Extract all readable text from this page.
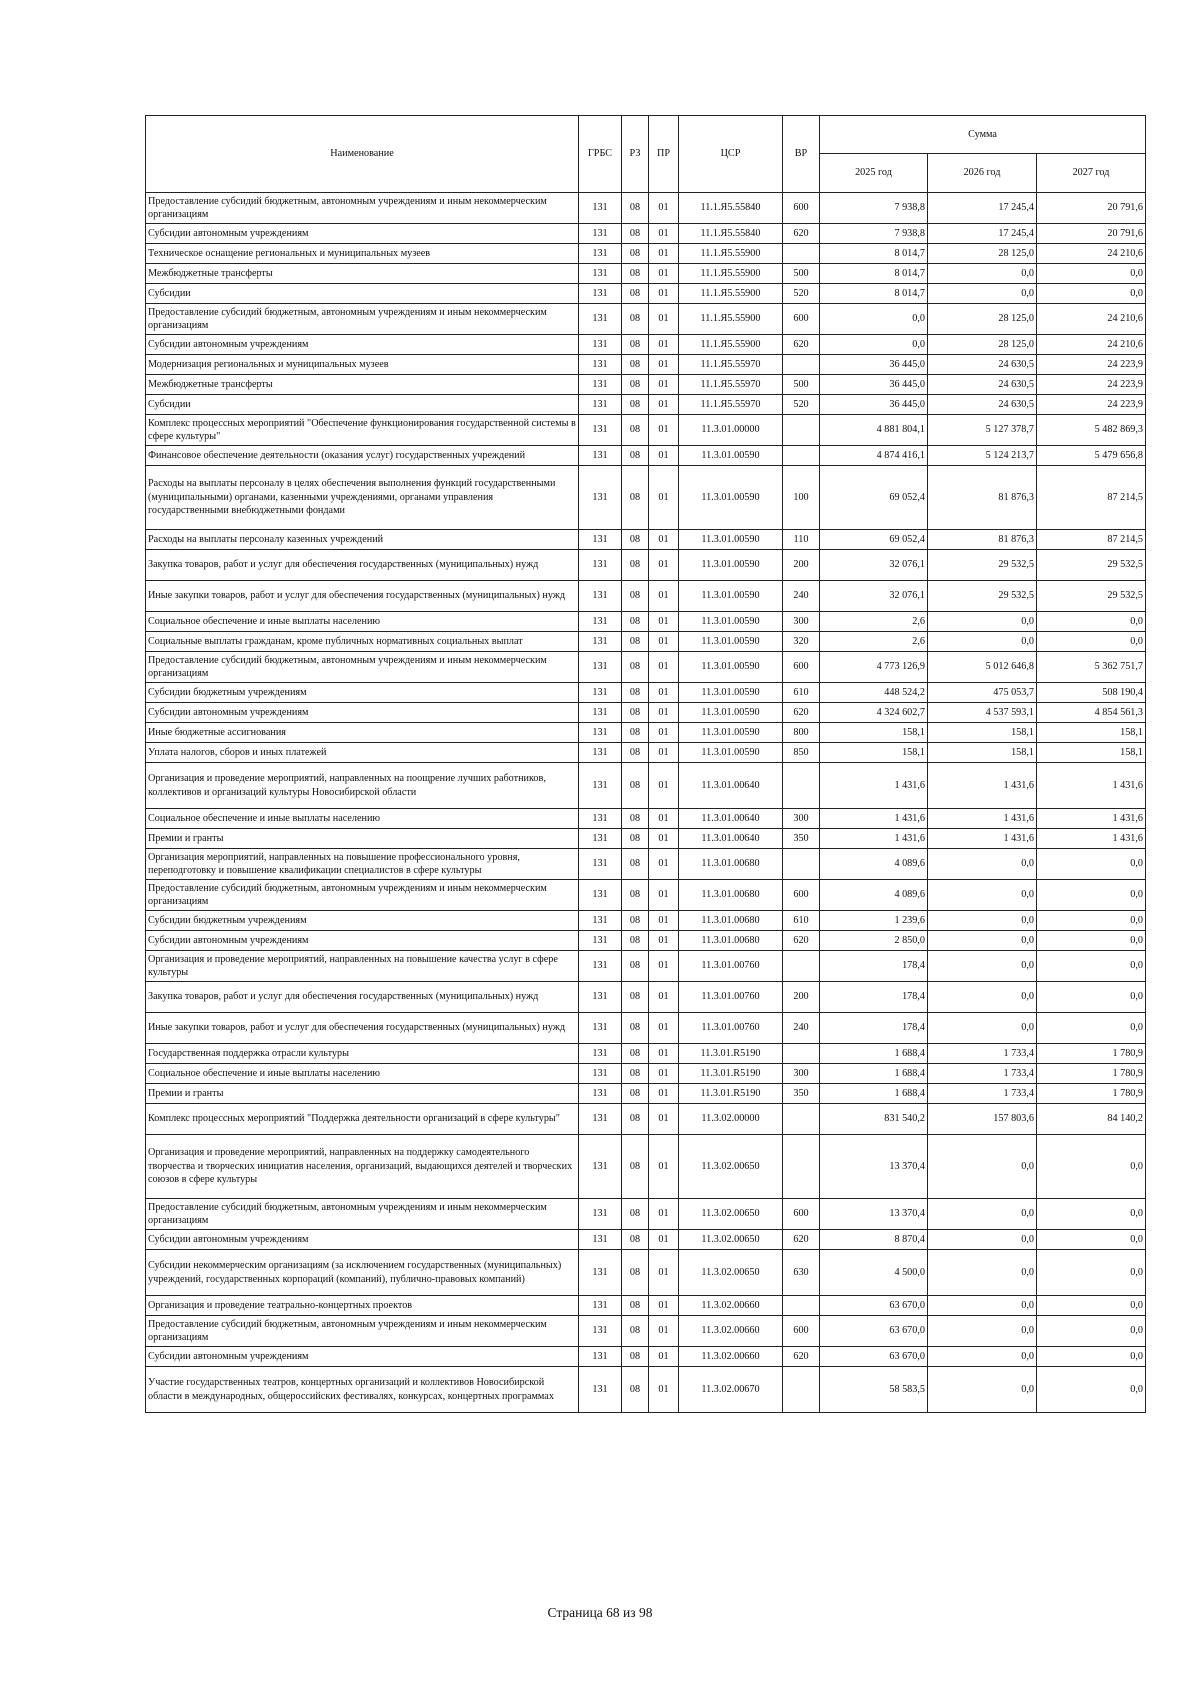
Наименование	ГРБС	РЗ	ПР	ЦСР	ВР	Сумма		
						2025 год	2026 год	2027 год
Предоставление субсидий бюджетным, автономным учреждениям и иным некоммерческим организациям	131	08	01	11.1.Я5.55840	600	7 938,8	17 245,4	20 791,6
Субсидии автономным учреждениям	131	08	01	11.1.Я5.55840	620	7 938,8	17 245,4	20 791,6
Техническое оснащение региональных и муниципальных музеев	131	08	01	11.1.Я5.55900		8 014,7	28 125,0	24 210,6
Межбюджетные трансферты	131	08	01	11.1.Я5.55900	500	8 014,7	0,0	0,0
Субсидии	131	08	01	11.1.Я5.55900	520	8 014,7	0,0	0,0
Предоставление субсидий бюджетным, автономным учреждениям и иным некоммерческим организациям	131	08	01	11.1.Я5.55900	600	0,0	28 125,0	24 210,6
Субсидии автономным учреждениям	131	08	01	11.1.Я5.55900	620	0,0	28 125,0	24 210,6
Модернизация региональных и муниципальных музеев	131	08	01	11.1.Я5.55970		36 445,0	24 630,5	24 223,9
Межбюджетные трансферты	131	08	01	11.1.Я5.55970	500	36 445,0	24 630,5	24 223,9
Субсидии	131	08	01	11.1.Я5.55970	520	36 445,0	24 630,5	24 223,9
Комплекс процессных мероприятий "Обеспечение функционирования государственной системы в сфере культуры"	131	08	01	11.3.01.00000		4 881 804,1	5 127 378,7	5 482 869,3
Финансовое обеспечение деятельности (оказания услуг) государственных учреждений	131	08	01	11.3.01.00590		4 874 416,1	5 124 213,7	5 479 656,8
Расходы на выплаты персоналу в целях обеспечения выполнения функций государственными (муниципальными) органами, казенными учреждениями, органами управления государственными внебюджетными фондами	131	08	01	11.3.01.00590	100	69 052,4	81 876,3	87 214,5
Расходы на выплаты персоналу казенных учреждений	131	08	01	11.3.01.00590	110	69 052,4	81 876,3	87 214,5
Закупка товаров, работ и услуг для обеспечения государственных (муниципальных) нужд	131	08	01	11.3.01.00590	200	32 076,1	29 532,5	29 532,5
Иные закупки товаров, работ и услуг для обеспечения государственных (муниципальных) нужд	131	08	01	11.3.01.00590	240	32 076,1	29 532,5	29 532,5
Социальное обеспечение и иные выплаты населению	131	08	01	11.3.01.00590	300	2,6	0,0	0,0
Социальные выплаты гражданам, кроме публичных нормативных социальных выплат	131	08	01	11.3.01.00590	320	2,6	0,0	0,0
Предоставление субсидий бюджетным, автономным учреждениям и иным некоммерческим организациям	131	08	01	11.3.01.00590	600	4 773 126,9	5 012 646,8	5 362 751,7
Субсидии бюджетным учреждениям	131	08	01	11.3.01.00590	610	448 524,2	475 053,7	508 190,4
Субсидии автономным учреждениям	131	08	01	11.3.01.00590	620	4 324 602,7	4 537 593,1	4 854 561,3
Иные бюджетные ассигнования	131	08	01	11.3.01.00590	800	158,1	158,1	158,1
Уплата налогов, сборов и иных платежей	131	08	01	11.3.01.00590	850	158,1	158,1	158,1
Организация и проведение мероприятий, направленных на поощрение лучших работников, коллективов и организаций культуры Новосибирской области	131	08	01	11.3.01.00640		1 431,6	1 431,6	1 431,6
Социальное обеспечение и иные выплаты населению	131	08	01	11.3.01.00640	300	1 431,6	1 431,6	1 431,6
Премии и гранты	131	08	01	11.3.01.00640	350	1 431,6	1 431,6	1 431,6
Организация мероприятий, направленных на повышение профессионального уровня, переподготовку и повышение квалификации специалистов в сфере культуры	131	08	01	11.3.01.00680		4 089,6	0,0	0,0
Предоставление субсидий бюджетным, автономным учреждениям и иным некоммерческим организациям	131	08	01	11.3.01.00680	600	4 089,6	0,0	0,0
Субсидии бюджетным учреждениям	131	08	01	11.3.01.00680	610	1 239,6	0,0	0,0
Субсидии автономным учреждениям	131	08	01	11.3.01.00680	620	2 850,0	0,0	0,0
Организация и проведение мероприятий, направленных на повышение качества услуг в сфере культуры	131	08	01	11.3.01.00760		178,4	0,0	0,0
Закупка товаров, работ и услуг для обеспечения государственных (муниципальных) нужд	131	08	01	11.3.01.00760	200	178,4	0,0	0,0
Иные закупки товаров, работ и услуг для обеспечения государственных (муниципальных) нужд	131	08	01	11.3.01.00760	240	178,4	0,0	0,0
Государственная поддержка отрасли культуры	131	08	01	11.3.01.R5190		1 688,4	1 733,4	1 780,9
Социальное обеспечение и иные выплаты населению	131	08	01	11.3.01.R5190	300	1 688,4	1 733,4	1 780,9
Премии и гранты	131	08	01	11.3.01.R5190	350	1 688,4	1 733,4	1 780,9
Комплекс процессных мероприятий "Поддержка деятельности организаций в сфере культуры"	131	08	01	11.3.02.00000		831 540,2	157 803,6	84 140,2
Организация и проведение мероприятий, направленных на поддержку самодеятельного творчества и творческих инициатив населения, организаций, выдающихся деятелей и творческих союзов в сфере культуры	131	08	01	11.3.02.00650		13 370,4	0,0	0,0
Предоставление субсидий бюджетным, автономным учреждениям и иным некоммерческим организациям	131	08	01	11.3.02.00650	600	13 370,4	0,0	0,0
Субсидии автономным учреждениям	131	08	01	11.3.02.00650	620	8 870,4	0,0	0,0
Субсидии некоммерческим организациям (за исключением государственных (муниципальных) учреждений, государственных корпораций (компаний), публично-правовых компаний)	131	08	01	11.3.02.00650	630	4 500,0	0,0	0,0
Организация и проведение театрально-концертных проектов	131	08	01	11.3.02.00660		63 670,0	0,0	0,0
Предоставление субсидий бюджетным, автономным учреждениям и иным некоммерческим организациям	131	08	01	11.3.02.00660	600	63 670,0	0,0	0,0
Субсидии автономным учреждениям	131	08	01	11.3.02.00660	620	63 670,0	0,0	0,0
Участие государственных театров, концертных организаций и коллективов Новосибирской области в международных, общероссийских фестивалях, конкурсах, концертных программах	131	08	01	11.3.02.00670		58 583,5	0,0	0,0
Страница 68 из 98
